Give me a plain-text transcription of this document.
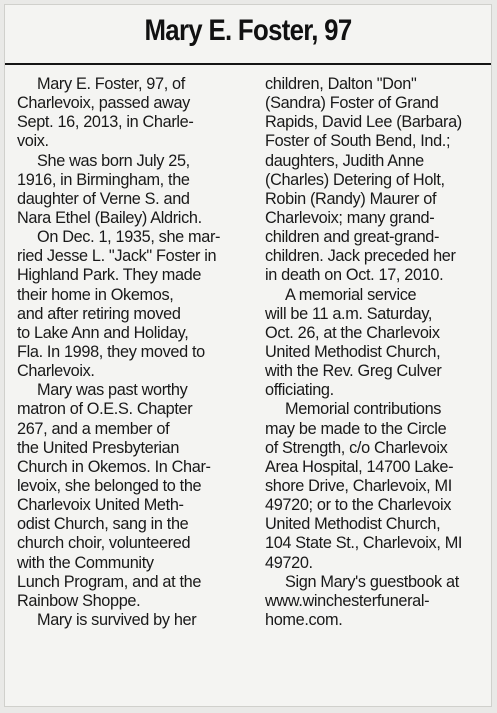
Mary E. Foster, 97
Mary E. Foster, 97, of
Charlevoix, passed away
Sept. 16, 2013, in Charle-
voix.
She was born July 25,
1916, in Birmingham, the
daughter of Verne S. and
Nara Ethel (Bailey) Aldrich.
On Dec. 1, 1935, she mar-
ried Jesse L. "Jack" Foster in
Highland Park. They made
their home in Okemos,
and after retiring moved
to Lake Ann and Holiday,
Fla. In 1998, they moved to
Charlevoix.
Mary was past worthy
matron of O.E.S. Chapter
267, and a member of
the United Presbyterian
Church in Okemos. In Char-
levoix, she belonged to the
Charlevoix United Meth-
odist Church, sang in the
church choir, volunteered
with the Community
Lunch Program, and at the
Rainbow Shoppe.
Mary is survived by her
children, Dalton "Don"
(Sandra) Foster of Grand
Rapids, David Lee (Barbara)
Foster of South Bend, Ind.;
daughters, Judith Anne
(Charles) Detering of Holt,
Robin (Randy) Maurer of
Charlevoix; many grand-
children and great-grand-
children. Jack preceded her
in death on Oct. 17, 2010.
A memorial service
will be 11 a.m. Saturday,
Oct. 26, at the Charlevoix
United Methodist Church,
with the Rev. Greg Culver
officiating.
Memorial contributions
may be made to the Circle
of Strength, c/o Charlevoix
Area Hospital, 14700 Lake-
shore Drive, Charlevoix, MI
49720; or to the Charlevoix
United Methodist Church,
104 State St., Charlevoix, MI
49720.
Sign Mary's guestbook at
www.winchesterfuneral-
home.com.
